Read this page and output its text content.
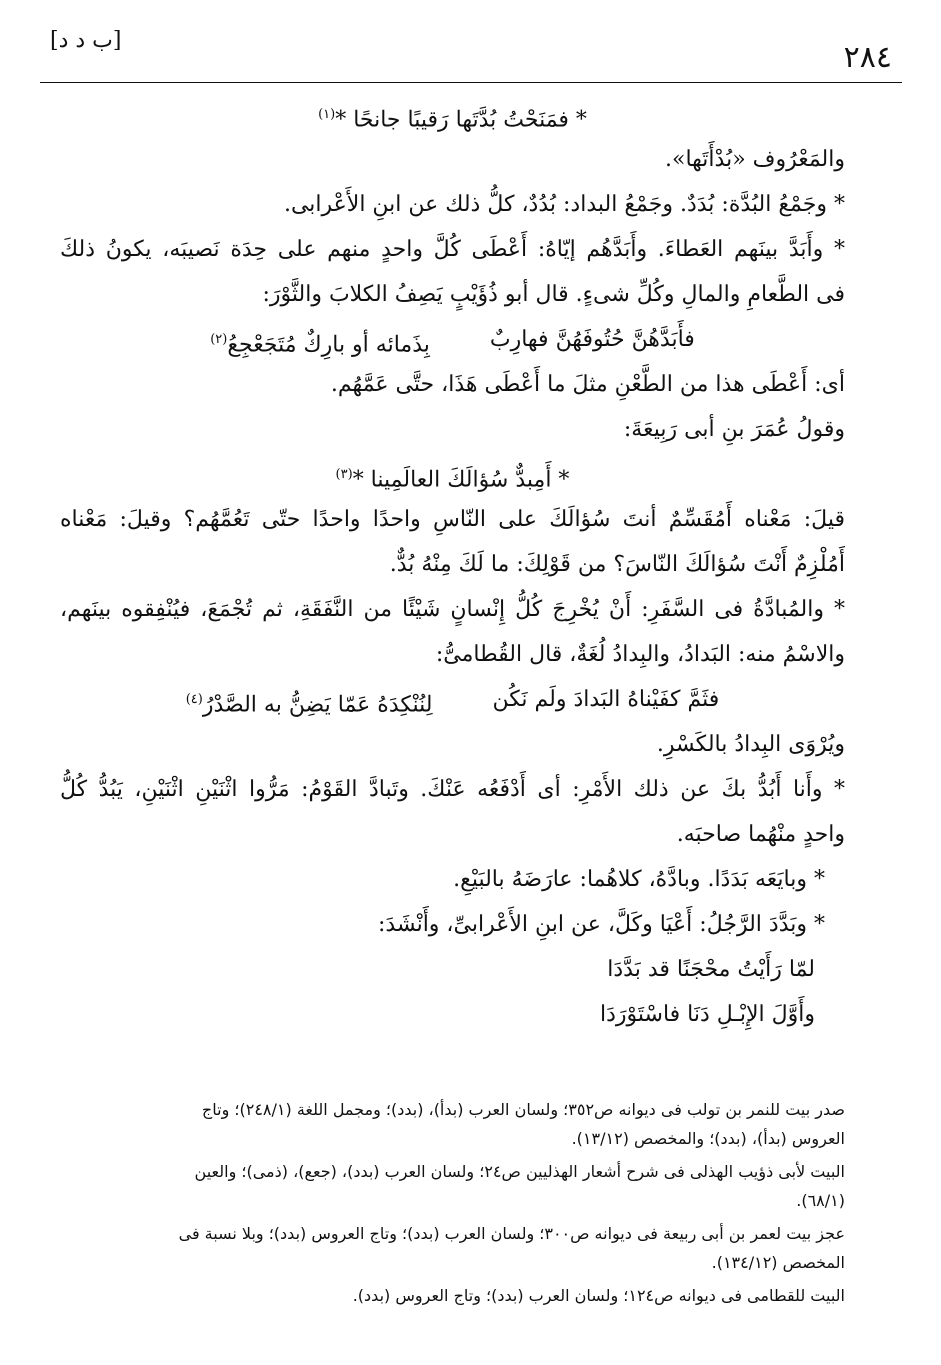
[ب د د]	٢٨٤
* فمَنَحْتُ بُدَّتَها رَقيبًا جانحًا *$^{(١)}$
والمَعْرُوف «بُدْأَتَها».
* وجَمْعُ البُدَّة: بُدَدٌ. وجَمْعُ البداد: بُدُدٌ، كلُّ ذلك عن ابنِ الأَعْرابى.
* وأَبَدَّ بينَهم العَطاءَ. وأَبَدَّهُم إيّاهُ: أَعْطَى كُلَّ واحدٍ منهم على حِدَة نَصيبَه، يكونُ ذلكَ
فى الطَّعامِ والمالِ وكُلِّ شىءٍ. قال أبو ذُؤَيْبٍ يَصِفُ الكلابَ والثَّوْرَ:
فأَبَدَّهُنَّ حُتُوفَهُنَّ فهارِبٌ
بِذَمائه أو بارِكٌ مُتَجَعْجِعُ$^{(٢)}$
أى: أَعْطَى هذا من الطَّعْنِ مثلَ ما أَعْطَى هَذَا، حتَّى عَمَّهُم.
وقولُ عُمَرَ بنِ أبى رَبِيعَةَ:
* أَمِبدٌّ سُؤالَكَ العالَمِينا *$^{(٣)}$
قيلَ: مَعْناه أَمُقَسِّمٌ أنتَ سُؤالَكَ على النّاسِ واحدًا واحدًا حتّى تَعُمَّهُم؟ وقيلَ: مَعْناه
أَمُلْزِمٌ أَنْتَ سُؤالَكَ النّاسَ؟ من قَوْلِكَ: ما لَكَ مِنْهُ بُدٌّ.
* والمُبادَّةُ فى السَّفَرِ: أَنْ يُخْرِجَ كُلُّ إِنْسانٍ شَيْئًا من النَّفَقَةِ، ثم تُجْمَعَ، فيُنْفِقوه بينَهم،
والاسْمُ منه: البَدادُ، والبِدادُ لُغَةٌ، قال القُطامىُّ:
فثَمَّ كفَيْناهُ البَدادَ ولَم نَكُن
لِنُنْكِدَهُ عَمّا يَضِنُّ به الصَّدْرُ$^{(٤)}$
ويُرْوَى البِدادُ بالكَسْرِ.
* وأَنا أَبُدُّ بكَ عن ذلك الأَمْرِ: أى أَدْفَعُه عَنْكَ. وتَبادَّ القَوْمُ: مَرُّوا اثْنَيْنِ اثْنَيْنِ، يَبُدُّ كُلُّ
واحدٍ منْهُما صاحبَه.
* وبايَعَه بَدَدًا. وبادَّهُ، كلاهُما: عارَضَهُ بالبَيْعِ.
* وبَدَّدَ الرَّجُلُ: أَعْيَا وكَلَّ، عن ابنِ الأَعْرابىِّ، وأَنْشَدَ:
لمّا رَأَيْتُ محْجَنًا قد بَدَّدَا
وأَوَّلَ الإِبْـلِ دَنَا فاسْتَوْرَدَا
صدر بيت للنمر بن تولب فى ديوانه ص٣٥٢؛ ولسان العرب (بدأ)، (بدد)؛ ومجمل اللغة (٢٤٨/١)؛ وتاج
العروس (بدأ)، (بدد)؛ والمخصص (١٣/١٢).
البيت لأبى ذؤيب الهذلى فى شرح أشعار الهذليين ص٢٤؛ ولسان العرب (بدد)، (جعع)، (ذمى)؛ والعين
(٦٨/١).
عجز بيت لعمر بن أبى ربيعة فى ديوانه ص٣٠٠؛ ولسان العرب (بدد)؛ وتاج العروس (بدد)؛ وبلا نسبة فى
المخصص (١٣٤/١٢).
البيت للقطامى فى ديوانه ص١٢٤؛ ولسان العرب (بدد)؛ وتاج العروس (بدد).
